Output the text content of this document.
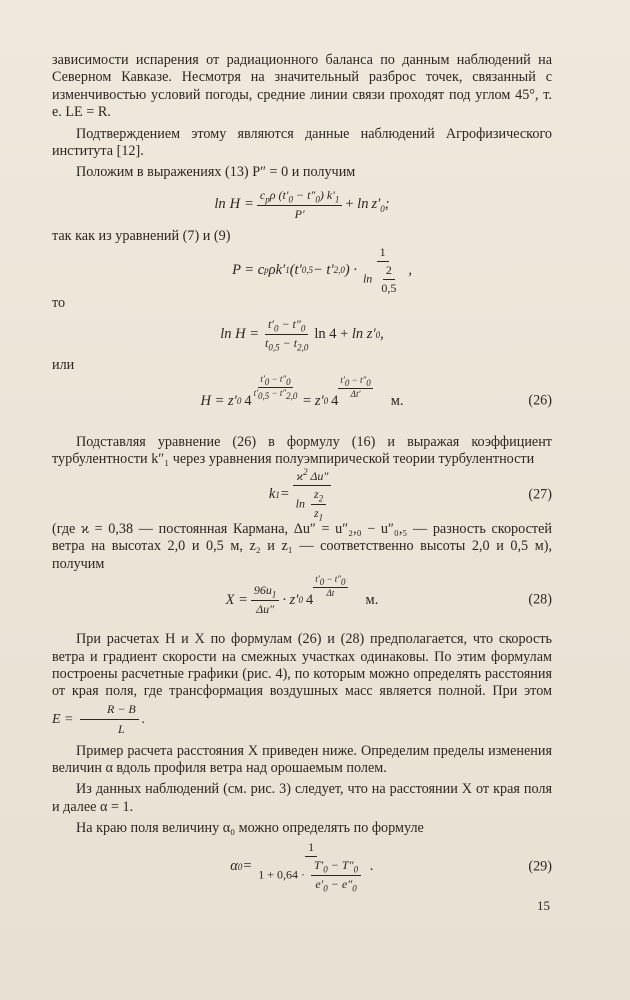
зависимости испарения от радиационного баланса по данным наблюдений на Северном Кавказе. Несмотря на значительный разброс точек, связанный с изменчивостью условий погоды, средние линии связи проходят под углом 45°, т. е. LE = R.

Подтверждением этому являются данные наблюдений Агрофизического института [12].

Положим в выражениях (13) P″ = 0 и получим

$\ln H = \frac{c_p\rho (t'_0 - t''_0) k'_1}{P'} + \ln z'_0$;

так как из уравнений (7) и (9)

P = c p ρk′ 1 (t′ 0,5 − t′ 2,0 ) · $\frac{1}{\ln \frac{2}{0,5}}$ ,

то

$\ln H = \frac{t'_0 - t''_0}{t_{0,5} - t_{2,0}}$ ln 4 + ln z′ 0 ,

или

H = z′ 0 4
$\frac{t'_0 - t''_0}{t'_{0,5} - t''_{2,0}}$
= z′ 0 4
$\frac{t'_0 - t''_0}{\Delta t'}$
м.	(26)

Подставляя уравнение (26) в формулу (16) и выражая коэффициент турбулентности k″₁ через уравнения полуэмпирической теории турбулентности

k $1 = \frac{ϰ^2 \Delta u''}{\ln \frac{z_2}{z_1}}$	(27)

(где ϰ = 0,38 — постоянная Кармана, Δu″ = u″₂,₀ − u″₀,₅ — разность скоростей ветра на высотах 2,0 и 0,5 м, z₂ и z₁ — соответственно высоты 2,0 и 0,5 м), получим

$X = \frac{96u_1}{\Delta u''} \cdot z'$ 0 4
$\frac{t'_0 - t''_0}{\Delta t}$
м.	(28)

При расчетах H и X по формулам (26) и (28) предполагается, что скорость ветра и градиент скорости на смежных участках одинаковы. По этим формулам построены расчетные графики (рис. 4), по которым можно определять расстояния от края поля, где трансформация воздушных масс является полной. При этом $E = \frac{R - B}{L}$ .

Пример расчета расстояния X приведен ниже. Определим пределы изменения величин α вдоль профиля ветра над орошаемым полем.

Из данных наблюдений (см. рис. 3) следует, что на расстоянии X от края поля и далее α = 1.

На краю поля величину α₀ можно определять по формуле

α $0 = \frac{1}{1 + 0,64 \cdot \frac{T'_0 - T''_0}{e'_0 - e''_0}}$ .	(29)
15
